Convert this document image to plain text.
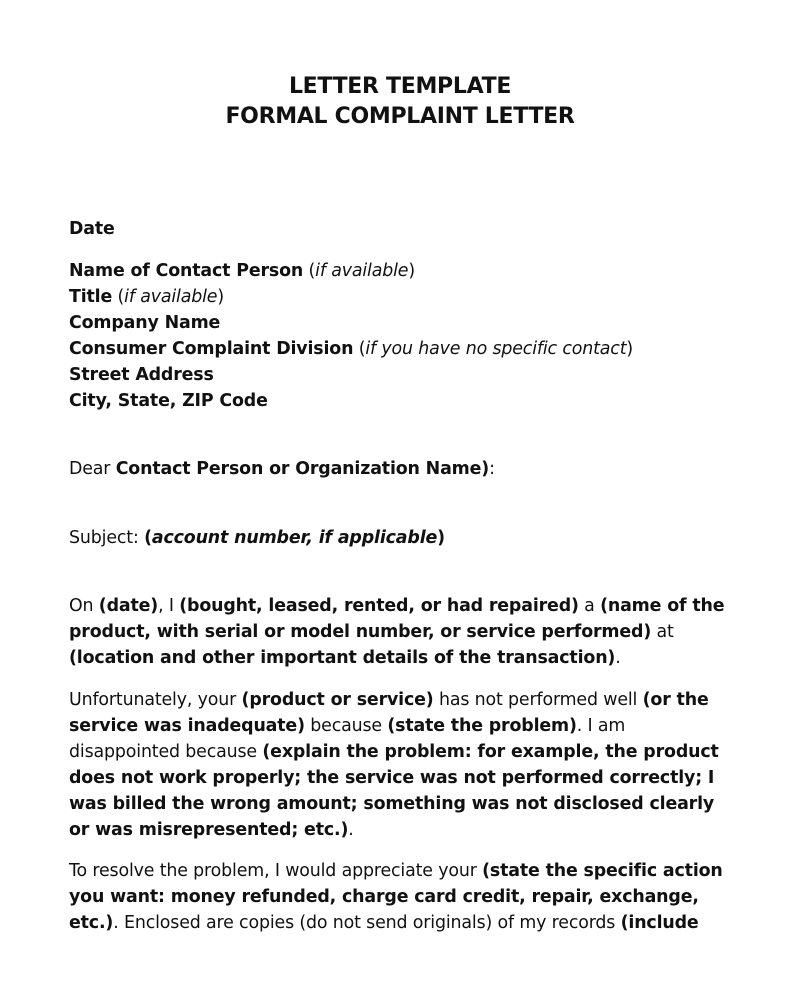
LETTER TEMPLATE
FORMAL COMPLAINT LETTER
Date
Name of Contact Person (if available)
Title (if available)
Company Name
Consumer Complaint Division (if you have no specific contact)
Street Address
City, State, ZIP Code
Dear Contact Person or Organization Name):
Subject: (account number, if applicable)
On (date), I (bought, leased, rented, or had repaired) a (name of the product, with serial or model number, or service performed) at (location and other important details of the transaction).
Unfortunately, your (product or service) has not performed well (or the service was inadequate) because (state the problem). I am disappointed because (explain the problem: for example, the product does not work properly; the service was not performed correctly; I was billed the wrong amount; something was not disclosed clearly or was misrepresented; etc.).
To resolve the problem, I would appreciate your (state the specific action you want: money refunded, charge card credit, repair, exchange, etc.). Enclosed are copies (do not send originals) of my records (include
